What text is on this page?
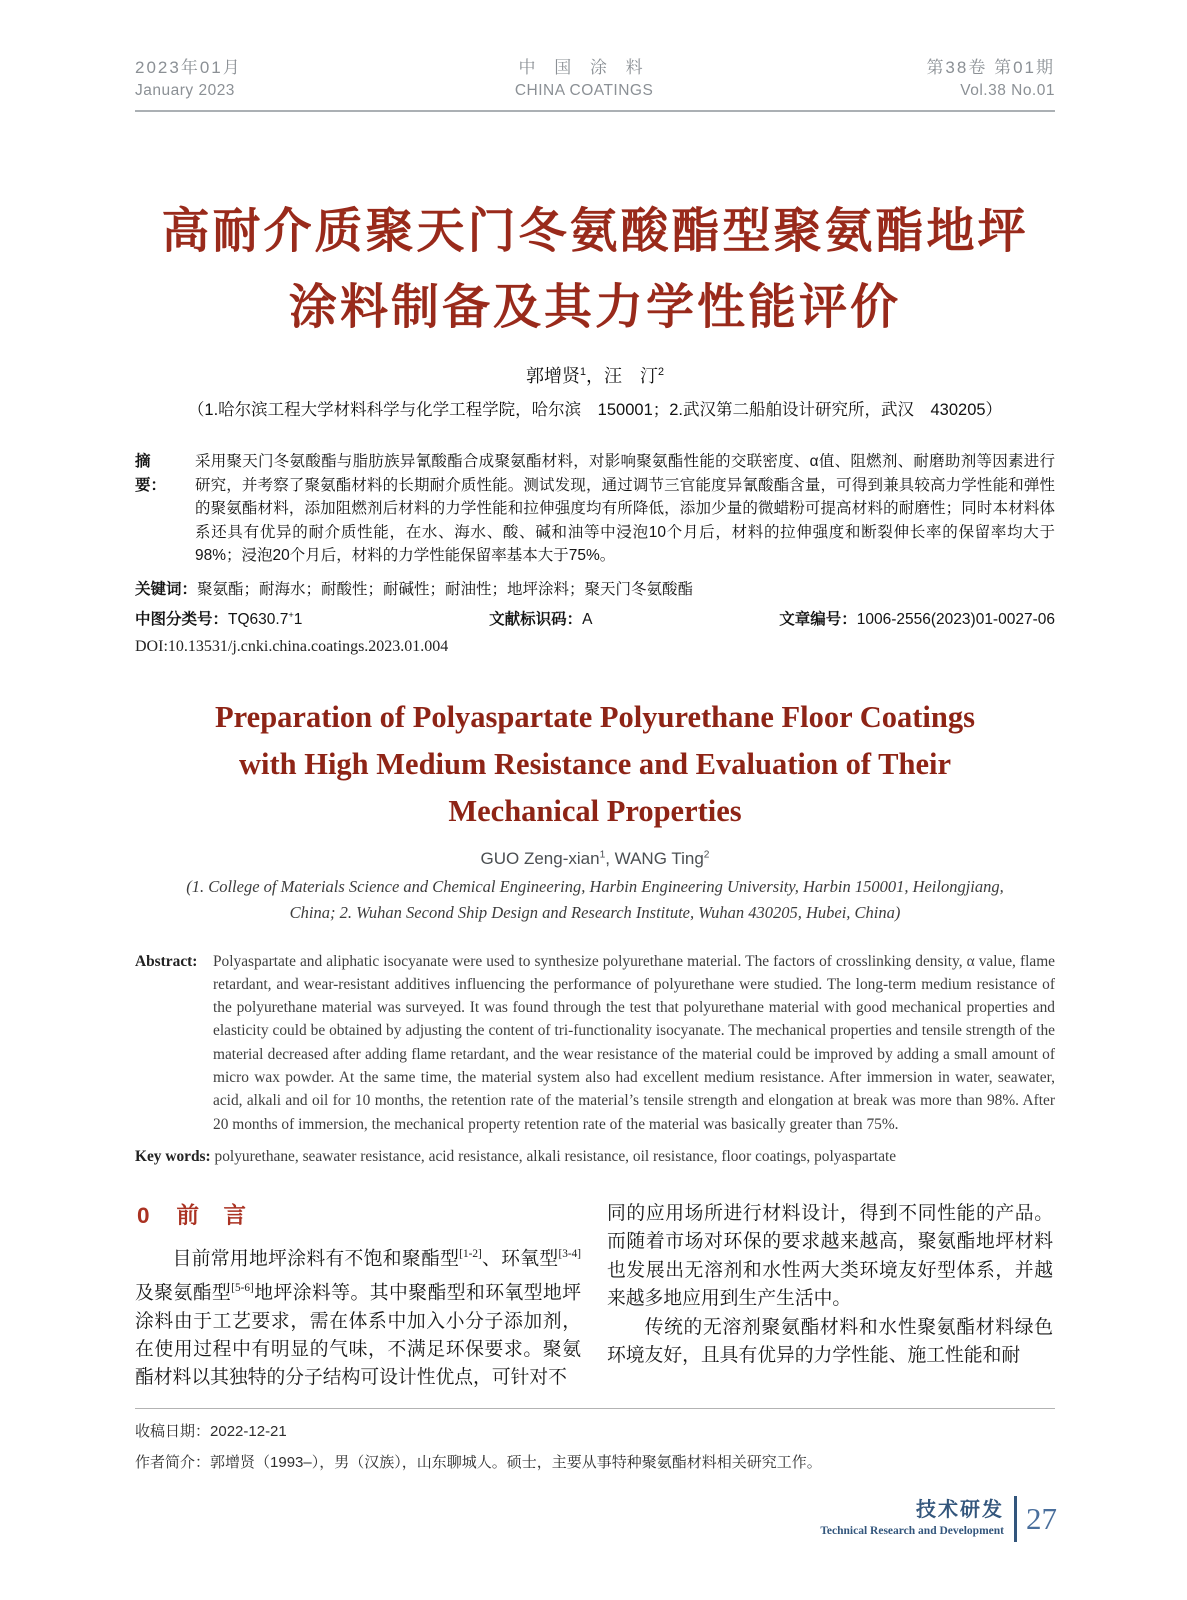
2023年01月
January 2023
中 国 涂 料
CHINA COATINGS
第38卷 第01期
Vol.38 No.01
高耐介质聚天门冬氨酸酯型聚氨酯地坪
涂料制备及其力学性能评价
郭增贤$^1$，汪　汀$^2$
（1.哈尔滨工程大学材料科学与化学工程学院，哈尔滨　150001；2.武汉第二船舶设计研究所，武汉　430205）
摘　要：
采用聚天门冬氨酸酯与脂肪族异氰酸酯合成聚氨酯材料，对影响聚氨酯性能的交联密度、α值、阻燃剂、耐磨助剂等因素进行研究，并考察了聚氨酯材料的长期耐介质性能。测试发现，通过调节三官能度异氰酸酯含量，可得到兼具较高力学性能和弹性的聚氨酯材料，添加阻燃剂后材料的力学性能和拉伸强度均有所降低，添加少量的微蜡粉可提高材料的耐磨性；同时本材料体系还具有优异的耐介质性能，在水、海水、酸、碱和油等中浸泡10个月后，材料的拉伸强度和断裂伸长率的保留率均大于98%；浸泡20个月后，材料的力学性能保留率基本大于75%。
关键词：聚氨酯；耐海水；耐酸性；耐碱性；耐油性；地坪涂料；聚天门冬氨酸酯
中图分类号：TQ630.7+1	文献标识码：A	文章编号：1006-2556(2023)01-0027-06
DOI:10.13531/j.cnki.china.coatings.2023.01.004
Preparation of Polyaspartate Polyurethane Floor Coatings
with High Medium Resistance and Evaluation of Their
Mechanical Properties
GUO Zeng-xian$^1$, WANG Ting$^2$
(1. College of Materials Science and Chemical Engineering, Harbin Engineering University, Harbin 150001, Heilongjiang,
China; 2. Wuhan Second Ship Design and Research Institute, Wuhan 430205, Hubei, China)
Abstract:	Polyaspartate and aliphatic isocyanate were used to synthesize polyurethane material. The factors of crosslinking density, α value, flame retardant, and wear-resistant additives influencing the performance of polyurethane were studied. The long-term medium resistance of the polyurethane material was surveyed. It was found through the test that polyurethane material with good mechanical properties and elasticity could be obtained by adjusting the content of tri-functionality isocyanate. The mechanical properties and tensile strength of the material decreased after adding flame retardant, and the wear resistance of the material could be improved by adding a small amount of micro wax powder. At the same time, the material system also had excellent medium resistance. After immersion in water, seawater, acid, alkali and oil for 10 months, the retention rate of the material’s tensile strength and elongation at break was more than 98%. After 20 months of immersion, the mechanical property retention rate of the material was basically greater than 75%.
Key words: polyurethane, seawater resistance, acid resistance, alkali resistance, oil resistance, floor coatings, polyaspartate
0 前　言

目前常用地坪涂料有不饱和聚酯型[1-2]、环氧型[3-4]及聚氨酯型[5-6]地坪涂料等。其中聚酯型和环氧型地坪涂料由于工艺要求，需在体系中加入小分子添加剂，在使用过程中有明显的气味，不满足环保要求。聚氨酯材料以其独特的分子结构可设计性优点，可针对不

同的应用场所进行材料设计，得到不同性能的产品。而随着市场对环保的要求越来越高，聚氨酯地坪材料也发展出无溶剂和水性两大类环境友好型体系，并越来越多地应用到生产生活中。

传统的无溶剂聚氨酯材料和水性聚氨酯材料绿色环境友好，且具有优异的力学性能、施工性能和耐

收稿日期：2022-12-21
作者简介：郭增贤（1993–），男（汉族），山东聊城人。硕士，主要从事特种聚氨酯材料相关研究工作。
技术研发
Technical Research and Development 27
